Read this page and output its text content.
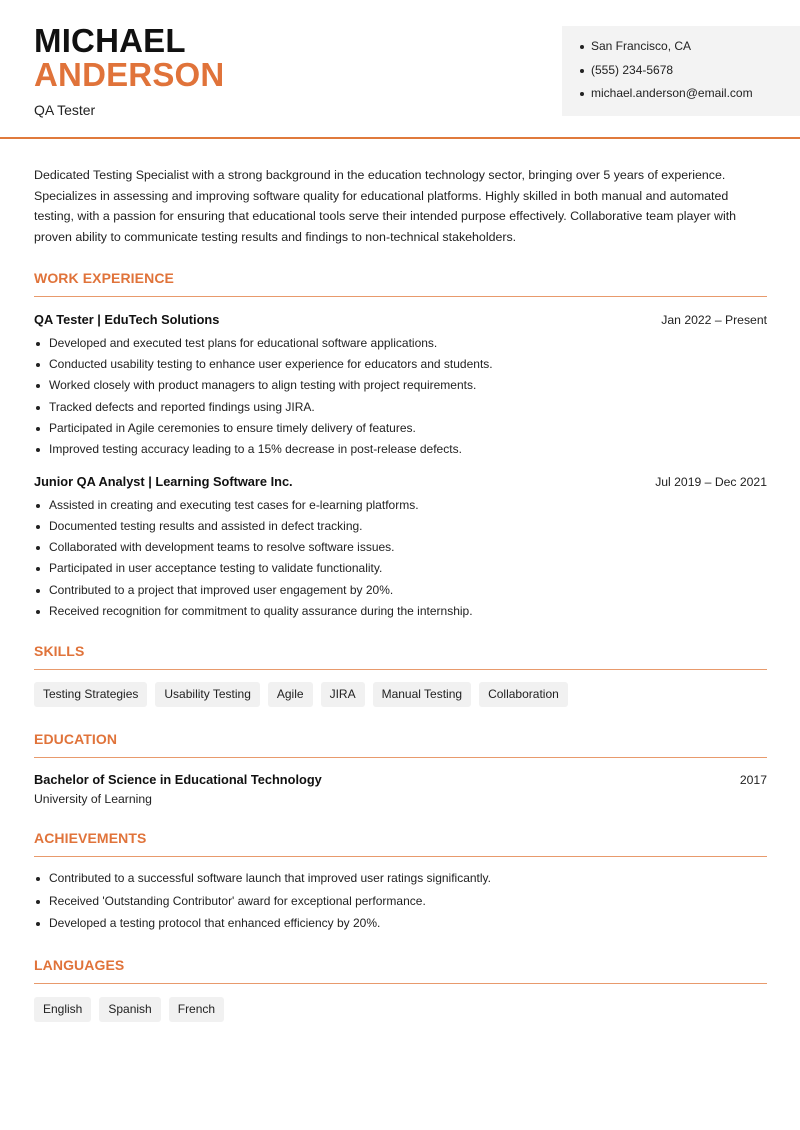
MICHAEL
ANDERSON
QA Tester
San Francisco, CA
(555) 234-5678
michael.anderson@email.com

Dedicated Testing Specialist with a strong background in the education technology sector, bringing over 5 years of experience. Specializes in assessing and improving software quality for educational platforms. Highly skilled in both manual and automated testing, with a passion for ensuring that educational tools serve their intended purpose effectively. Collaborative team player with proven ability to communicate testing results and findings to non-technical stakeholders.

WORK EXPERIENCE
QA Tester | EduTech Solutions	Jan 2022 – Present
Developed and executed test plans for educational software applications.
Conducted usability testing to enhance user experience for educators and students.
Worked closely with product managers to align testing with project requirements.
Tracked defects and reported findings using JIRA.
Participated in Agile ceremonies to ensure timely delivery of features.
Improved testing accuracy leading to a 15% decrease in post-release defects.
Junior QA Analyst | Learning Software Inc.	Jul 2019 – Dec 2021
Assisted in creating and executing test cases for e-learning platforms.
Documented testing results and assisted in defect tracking.
Collaborated with development teams to resolve software issues.
Participated in user acceptance testing to validate functionality.
Contributed to a project that improved user engagement by 20%.
Received recognition for commitment to quality assurance during the internship.
SKILLS
Testing Strategies	Usability Testing	Agile	JIRA	Manual Testing	Collaboration
EDUCATION
Bachelor of Science in Educational Technology	2017
University of Learning
ACHIEVEMENTS
Contributed to a successful software launch that improved user ratings significantly.
Received 'Outstanding Contributor' award for exceptional performance.
Developed a testing protocol that enhanced efficiency by 20%.
LANGUAGES
English	Spanish	French
